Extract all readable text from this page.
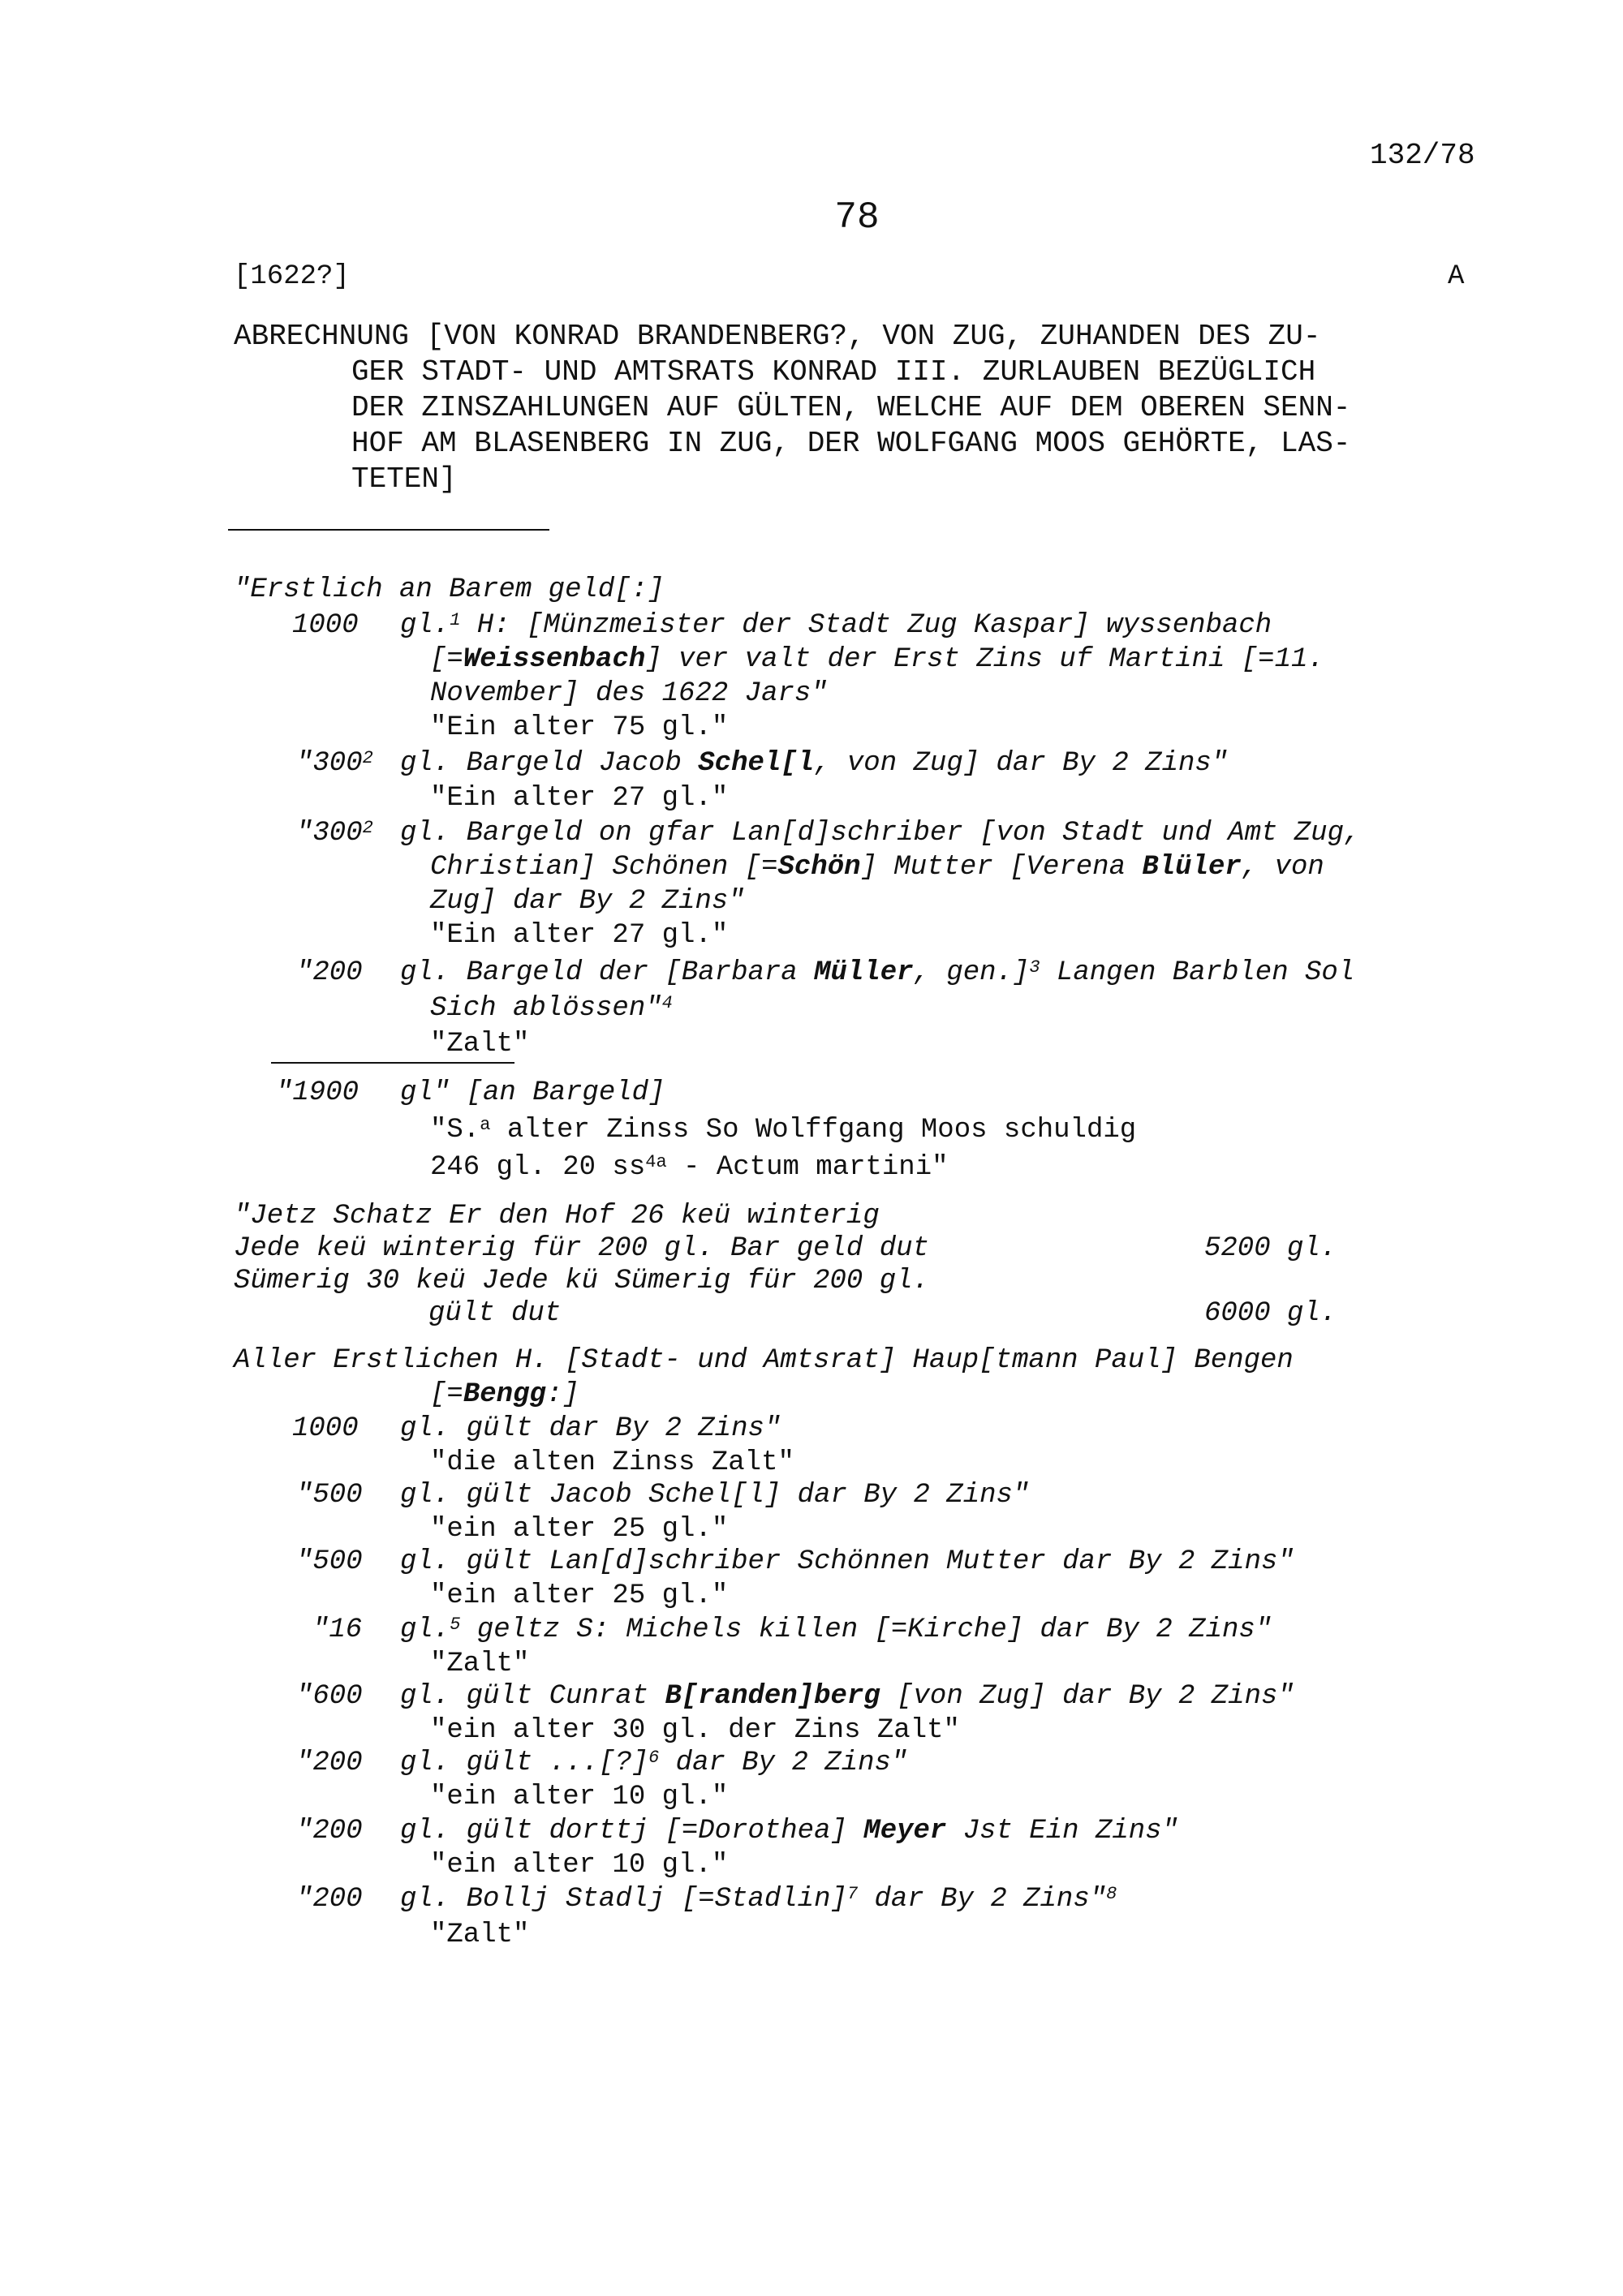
132/78
78
[1622?]	A
ABRECHNUNG [VON KONRAD BRANDENBERG?, VON ZUG, ZUHANDEN DES ZU-
GER STADT- UND AMTSRATS KONRAD III. ZURLAUBEN BEZÜGLICH
DER ZINSZAHLUNGEN AUF GÜLTEN, WELCHE AUF DEM OBEREN SENN-
HOF AM BLASENBERG IN ZUG, DER WOLFGANG MOOS GEHÖRTE, LAS-
TETEN]
"Erstlich an Barem geld[:]
1000 gl.$^1$ H: [Münzmeister der Stadt Zug Kaspar] wyssenbach
[=Weissenbach] ver valt der Erst Zins uf Martini [=11.
November] des 1622 Jars"
"Ein alter 75 gl."
"$300^2$ gl. Bargeld Jacob Schel[l, von Zug] dar By 2 Zins"
"Ein alter 27 gl."
"$300^2$ gl. Bargeld on gfar Lan[d]schriber [von Stadt und Amt Zug,
Christian] Schönen [=Schön] Mutter [Verena Blüler, von
Zug] dar By 2 Zins"
"Ein alter 27 gl."
"200 gl. Bargeld der [Barbara Müller, gen.]$^3$ Langen Barblen Sol
Sich ablössen"$^4$
"Zalt"
"1900 gl" [an Bargeld]
"S.$^a$ alter Zinss So Wolffgang Moos schuldig
246 gl. 20 $ss^{4a}$ - Actum martini"
"Jetz Schatz Er den Hof 26 keü winterig
Jede keü winterig für 200 gl. Bar geld dut	5200 gl.
Sümerig 30 keü Jede kü Sümerig für 200 gl.
gült dut	6000 gl.
Aller Erstlichen H. [Stadt- und Amtsrat] Haup[tmann Paul] Bengen
[=Bengg:]
1000 gl. gült dar By 2 Zins"
"die alten Zinss Zalt"
"500 gl. gült Jacob Schel[l] dar By 2 Zins"
"ein alter 25 gl."
"500 gl. gült Lan[d]schriber Schönnen Mutter dar By 2 Zins"
"ein alter 25 gl."
"16 gl.$^5$ geltz S: Michels killen [=Kirche] dar By 2 Zins"
"Zalt"
"600 gl. gült Cunrat B[randen]berg [von Zug] dar By 2 Zins"
"ein alter 30 gl. der Zins Zalt"
"200 gl. gült ...[?]$^6$ dar By 2 Zins"
"ein alter 10 gl."
"200 gl. gült dorttj [=Dorothea] Meyer Jst Ein Zins"
"ein alter 10 gl."
"200 gl. Bollj Stadlj [=Stadlin]$^7$ dar By 2 Zins"$^8$
"Zalt"
